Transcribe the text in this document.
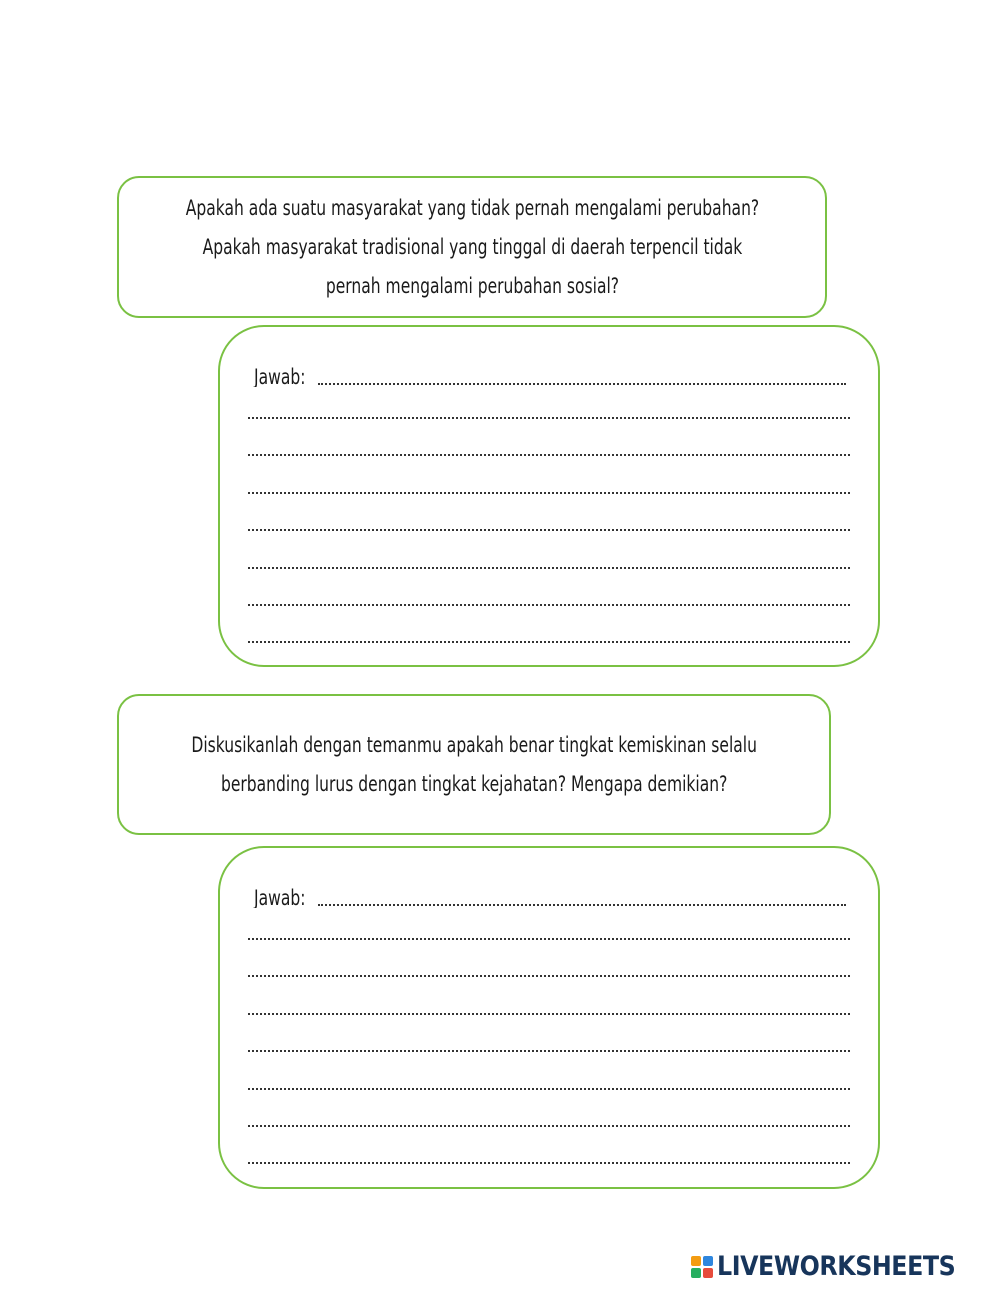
Apakah ada suatu masyarakat yang tidak pernah mengalami perubahan?
Apakah masyarakat tradisional yang tinggal di daerah terpencil tidak
pernah mengalami perubahan sosial?
Jawab:
Diskusikanlah dengan temanmu apakah benar tingkat kemiskinan selalu
berbanding lurus dengan tingkat kejahatan? Mengapa demikian?
Jawab:
LIVEWORKSHEETS
